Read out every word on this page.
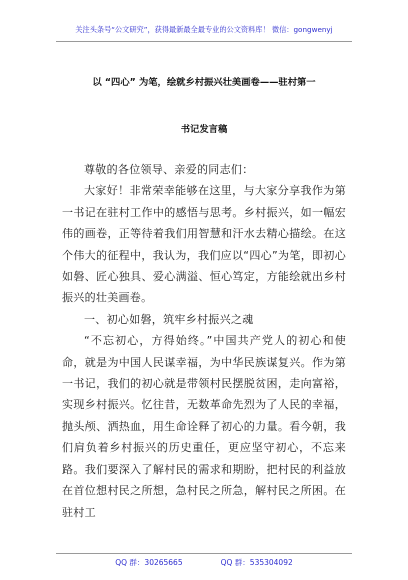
关注头条号“公文研究”，获得最新最全最专业的公文资料库！ 微信：gongwenyj
以 “四心” 为笔，绘就乡村振兴壮美画卷——驻村第一
书记发言稿

尊敬的各位领导、亲爱的同志们：

大家好！非常荣幸能够在这里，与大家分享我作为第一书记在驻村工作中的感悟与思考。乡村振兴，如一幅宏伟的画卷，正等待着我们用智慧和汗水去精心描绘。在这个伟大的征程中，我认为，我们应以“四心”为笔，即初心如磐、匠心独具、爱心满溢、恒心笃定，方能绘就出乡村振兴的壮美画卷。

一、初心如磐，筑牢乡村振兴之魂

“不忘初心，方得始终。”中国共产党人的初心和使命，就是为中国人民谋幸福，为中华民族谋复兴。作为第一书记，我们的初心就是带领村民摆脱贫困，走向富裕，实现乡村振兴。忆往昔，无数革命先烈为了人民的幸福，抛头颅、洒热血，用生命诠释了初心的力量。看今朝，我们肩负着乡村振兴的历史重任，更应坚守初心，不忘来路。我们要深入了解村民的需求和期盼，把村民的利益放在首位想村民之所想，急村民之所急，解村民之所困。在驻村工

QQ 群：30265665	QQ 群：535304092
